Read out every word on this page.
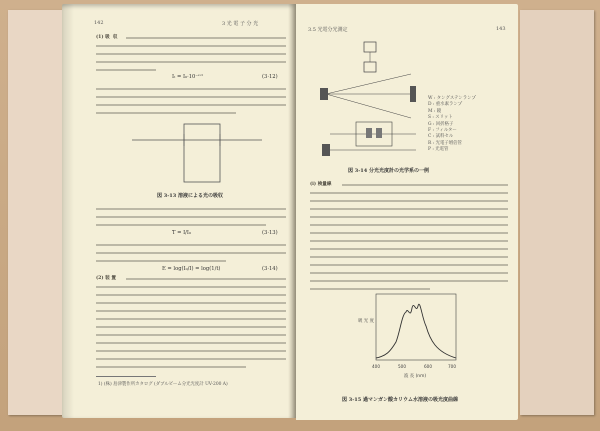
142	3 光 電 子 分 光
(1) 吸  収
Iₜ = I₀·10⁻ᵋᶜˡ	(3·12)
図 3-13 溶液による光の吸収
T = I/I₀	(3·13)
E = log(I₀/I) = log(1/t)	(3·14)
(2) 装 置
1) (株) 島津製作所カタログ (ダブルビーム分光光度計 UV-200 A)
3.5 光電分光測定	143
W : タングステンランプ
D : 重水素ランプ
M : 鏡
S : スリット
G : 回折格子
F : フィルター
C : 試料セル
R : 光電子増倍管
P : 光電管
図 3-14 分光光度計の光学系の一例
(i) 検量線
400	500	600	700
波 長 (nm)
吸 光 度
図 3-15 過マンガン酸カリウム水溶液の吸光度曲線
